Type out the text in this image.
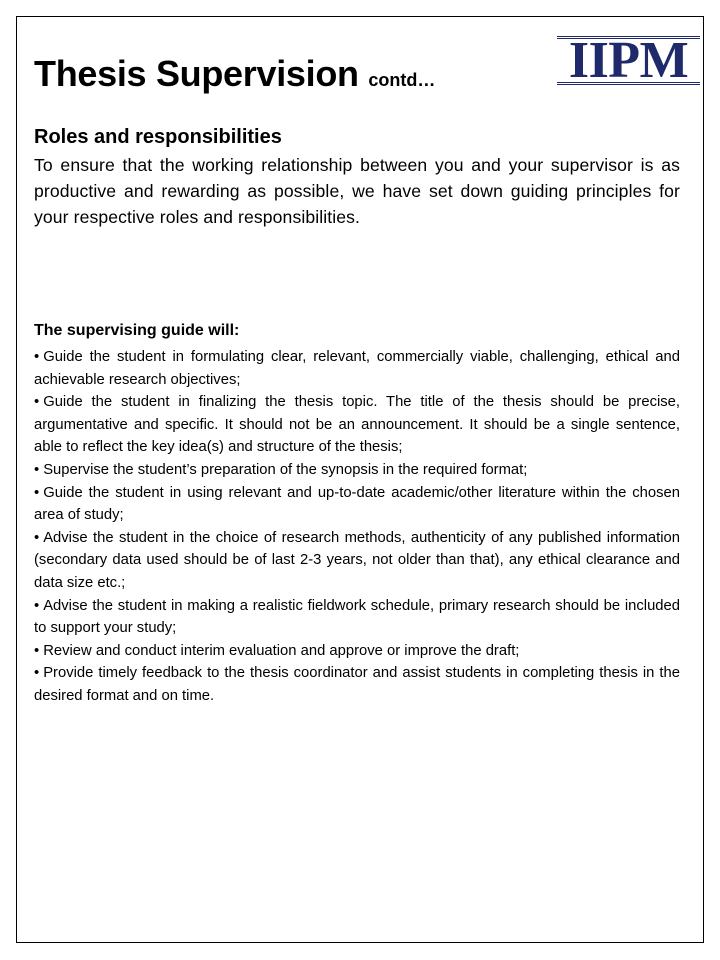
Thesis Supervision contd…	IIPM
Roles and responsibilities

To ensure that the working relationship between you and your supervisor is as productive and rewarding as possible, we have set down guiding principles for your respective roles and responsibilities.

The supervising guide will:
• Guide the student in formulating clear, relevant, commercially viable, challenging, ethical and achievable research objectives;
• Guide the student in finalizing the thesis topic. The title of the thesis should be precise, argumentative and specific. It should not be an announcement. It should be a single sentence, able to reflect the key idea(s) and structure of the thesis;
• Supervise the student’s preparation of the synopsis in the required format;
• Guide the student in using relevant and up-to-date academic/other literature within the chosen area of study;
• Advise the student in the choice of research methods, authenticity of any published information (secondary data used should be of last 2-3 years, not older than that), any ethical clearance and data size etc.;
• Advise the student in making a realistic fieldwork schedule, primary research should be included to support your study;
• Review and conduct interim evaluation and approve or improve the draft;
• Provide timely feedback to the thesis coordinator and assist students in completing thesis in the desired format and on time.
